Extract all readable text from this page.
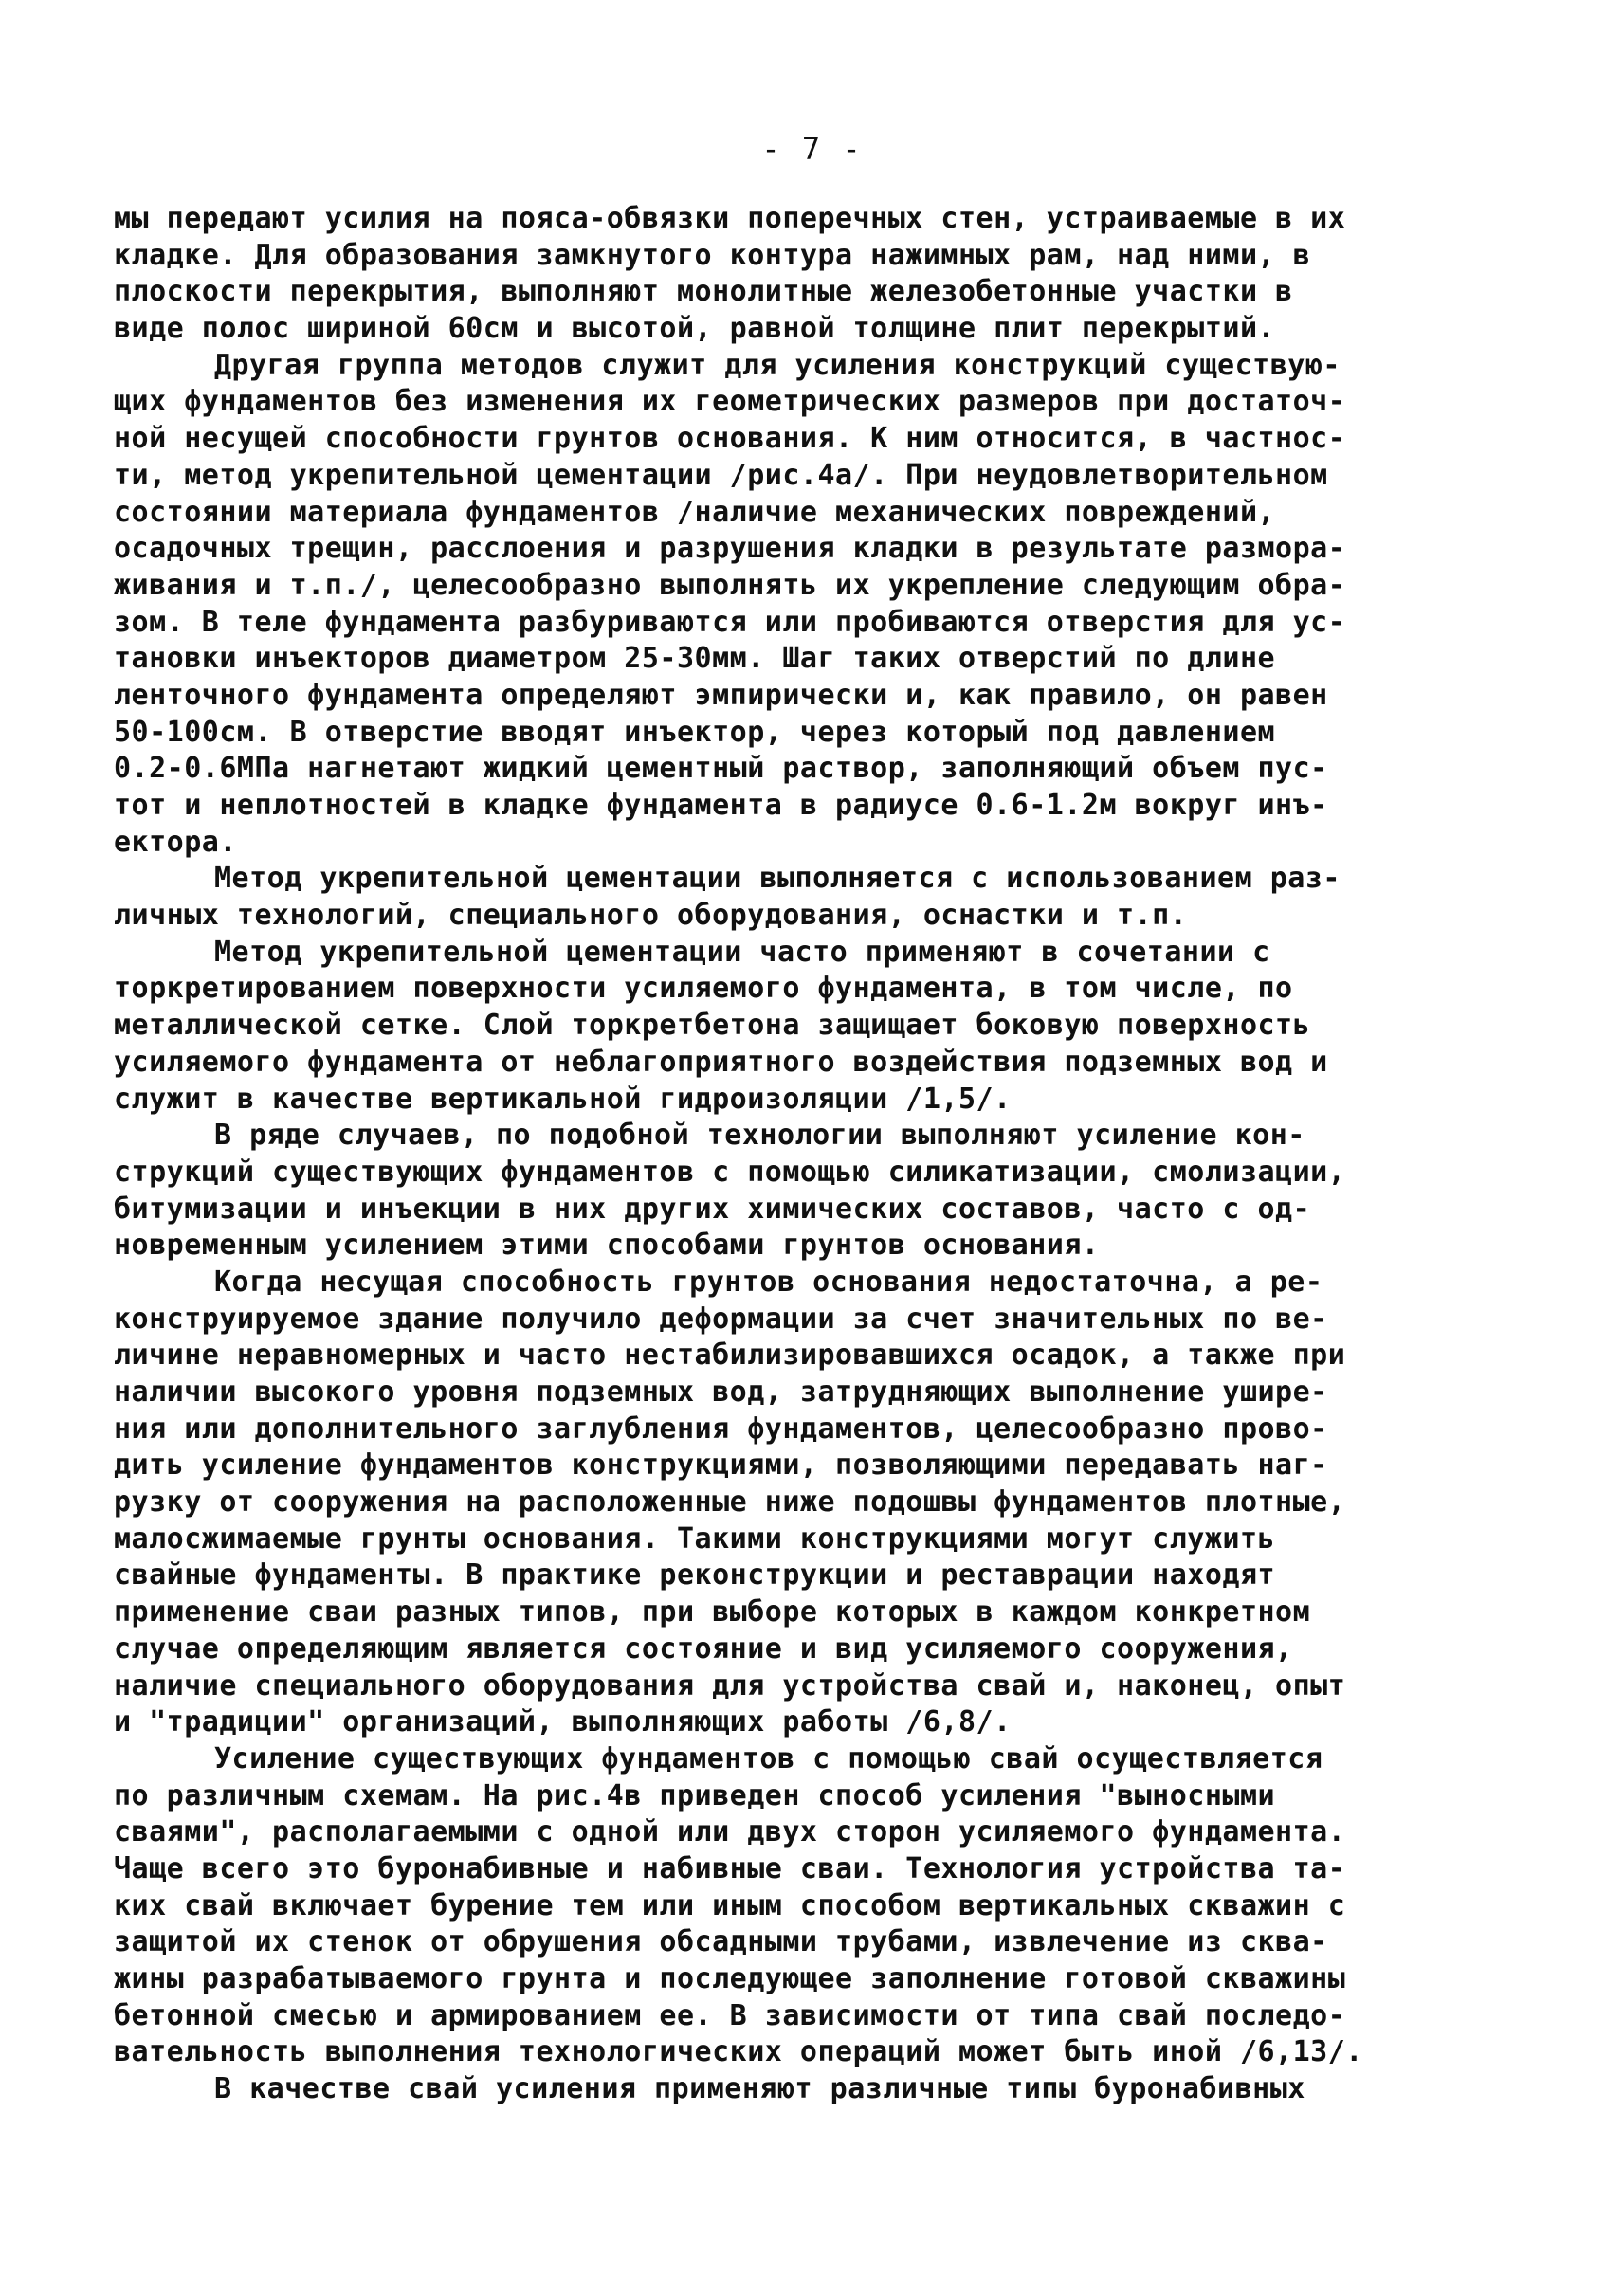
- 7 -
мы передают усилия на пояса-обвязки поперечных стен, устраиваемые в их
кладке. Для образования замкнутого контура нажимных рам, над ними, в
плоскости перекрытия, выполняют монолитные железобетонные участки в
виде полос шириной 60см и высотой, равной толщине плит перекрытий.
Другая группа методов служит для усиления конструкций существую-
щих фундаментов без изменения их геометрических размеров при достаточ-
ной несущей способности грунтов основания. К ним относится, в частнос-
ти, метод укрепительной цементации /рис.4а/. При неудовлетворительном
состоянии материала фундаментов /наличие механических повреждений,
осадочных трещин, расслоения и разрушения кладки в результате размора-
живания и т.п./, целесообразно выполнять их укрепление следующим обра-
зом. В теле фундамента разбуриваются или пробиваются отверстия для ус-
тановки инъекторов диаметром 25-30мм. Шаг таких отверстий по длине
ленточного фундамента определяют эмпирически и, как правило, он равен
50-100см. В отверстие вводят инъектор, через который под давлением
0.2-0.6МПа нагнетают жидкий цементный раствор, заполняющий объем пус-
тот и неплотностей в кладке фундамента в радиусе 0.6-1.2м вокруг инъ-
ектора.
Метод укрепительной цементации выполняется с использованием раз-
личных технологий, специального оборудования, оснастки и т.п.
Метод укрепительной цементации часто применяют в сочетании с
торкретированием поверхности усиляемого фундамента, в том числе, по
металлической сетке. Слой торкретбетона защищает боковую поверхность
усиляемого фундамента от неблагоприятного воздействия подземных вод и
служит в качестве вертикальной гидроизоляции /1,5/.
В ряде случаев, по подобной технологии выполняют усиление кон-
струкций существующих фундаментов с помощью силикатизации, смолизации,
битумизации и инъекции в них других химических составов, часто с од-
новременным усилением этими способами грунтов основания.
Когда несущая способность грунтов основания недостаточна, а ре-
конструируемое здание получило деформации за счет значительных по ве-
личине неравномерных и часто нестабилизировавшихся осадок, а также при
наличии высокого уровня подземных вод, затрудняющих выполнение уширe-
ния или дополнительного заглубления фундаментов, целесообразно прово-
дить усиление фундаментов конструкциями, позволяющими передавать наг-
рузку от сооружения на расположенные ниже подошвы фундаментов плотные,
малосжимаемые грунты основания. Такими конструкциями могут служить
свайные фундаменты. В практике реконструкции и реставрации находят
применение сваи разных типов, при выборе которых в каждом конкретном
случае определяющим является состояние и вид усиляемого сооружения,
наличие специального оборудования для устройства свай и, наконец, опыт
и "традиции" организаций, выполняющих работы /6,8/.
Усиление существующих фундаментов с помощью свай осуществляется
по различным схемам. На рис.4в приведен способ усиления "выносными
сваями", располагаемыми с одной или двух сторон усиляемого фундамента.
Чаще всего это буронабивные и набивные сваи. Технология устройства та-
ких свай включает бурение тем или иным способом вертикальных скважин с
защитой их стенок от обрушения обсадными трубами, извлечение из сква-
жины разрабатываемого грунта и последующее заполнение готовой скважины
бетонной смесью и армированием ее. В зависимости от типа свай последо-
вательность выполнения технологических операций может быть иной /6,13/.
В качестве свай усиления применяют различные типы буронабивных
